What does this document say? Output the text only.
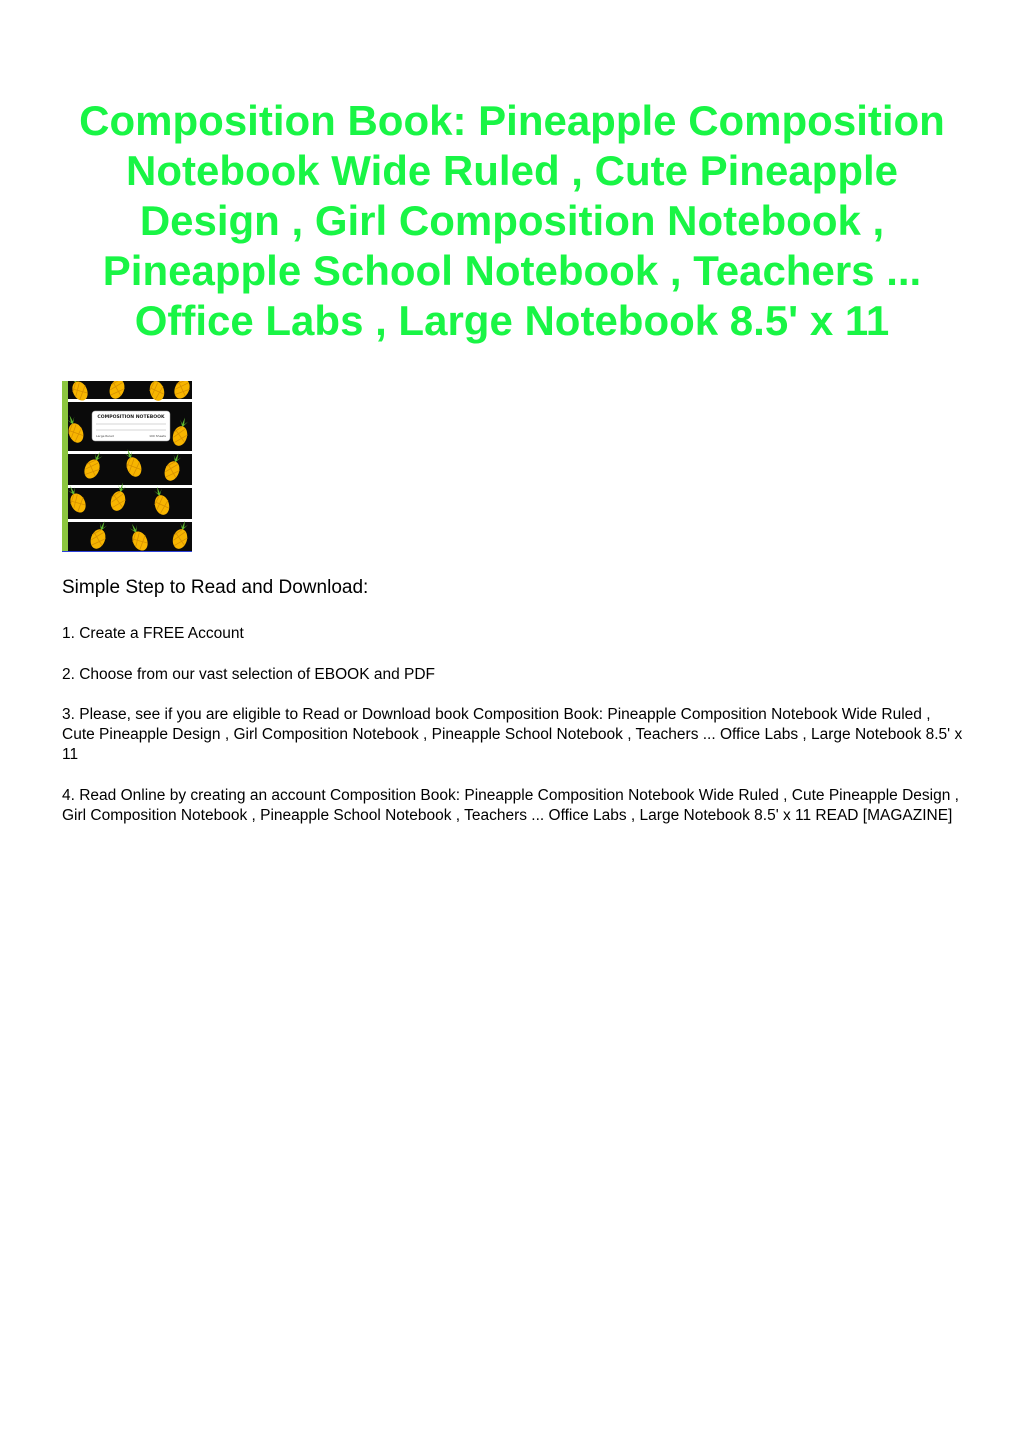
Composition Book: Pineapple Composition Notebook Wide Ruled , Cute Pineapple Design , Girl Composition Notebook , Pineapple School Notebook , Teachers ... Office Labs , Large Notebook 8.5' x 11
COMPOSITION NOTEBOOK
Large Ruled	100 Sheets
Simple Step to Read and Download:

1. Create a FREE Account

2. Choose from our vast selection of EBOOK and PDF

3. Please, see if you are eligible to Read or Download book Composition Book: Pineapple Composition Notebook Wide Ruled , Cute Pineapple Design , Girl Composition Notebook , Pineapple School Notebook , Teachers ... Office Labs , Large Notebook 8.5' x 11

4. Read Online by creating an account Composition Book: Pineapple Composition Notebook Wide Ruled , Cute Pineapple Design , Girl Composition Notebook , Pineapple School Notebook , Teachers ... Office Labs , Large Notebook 8.5' x 11 READ [MAGAZINE]
